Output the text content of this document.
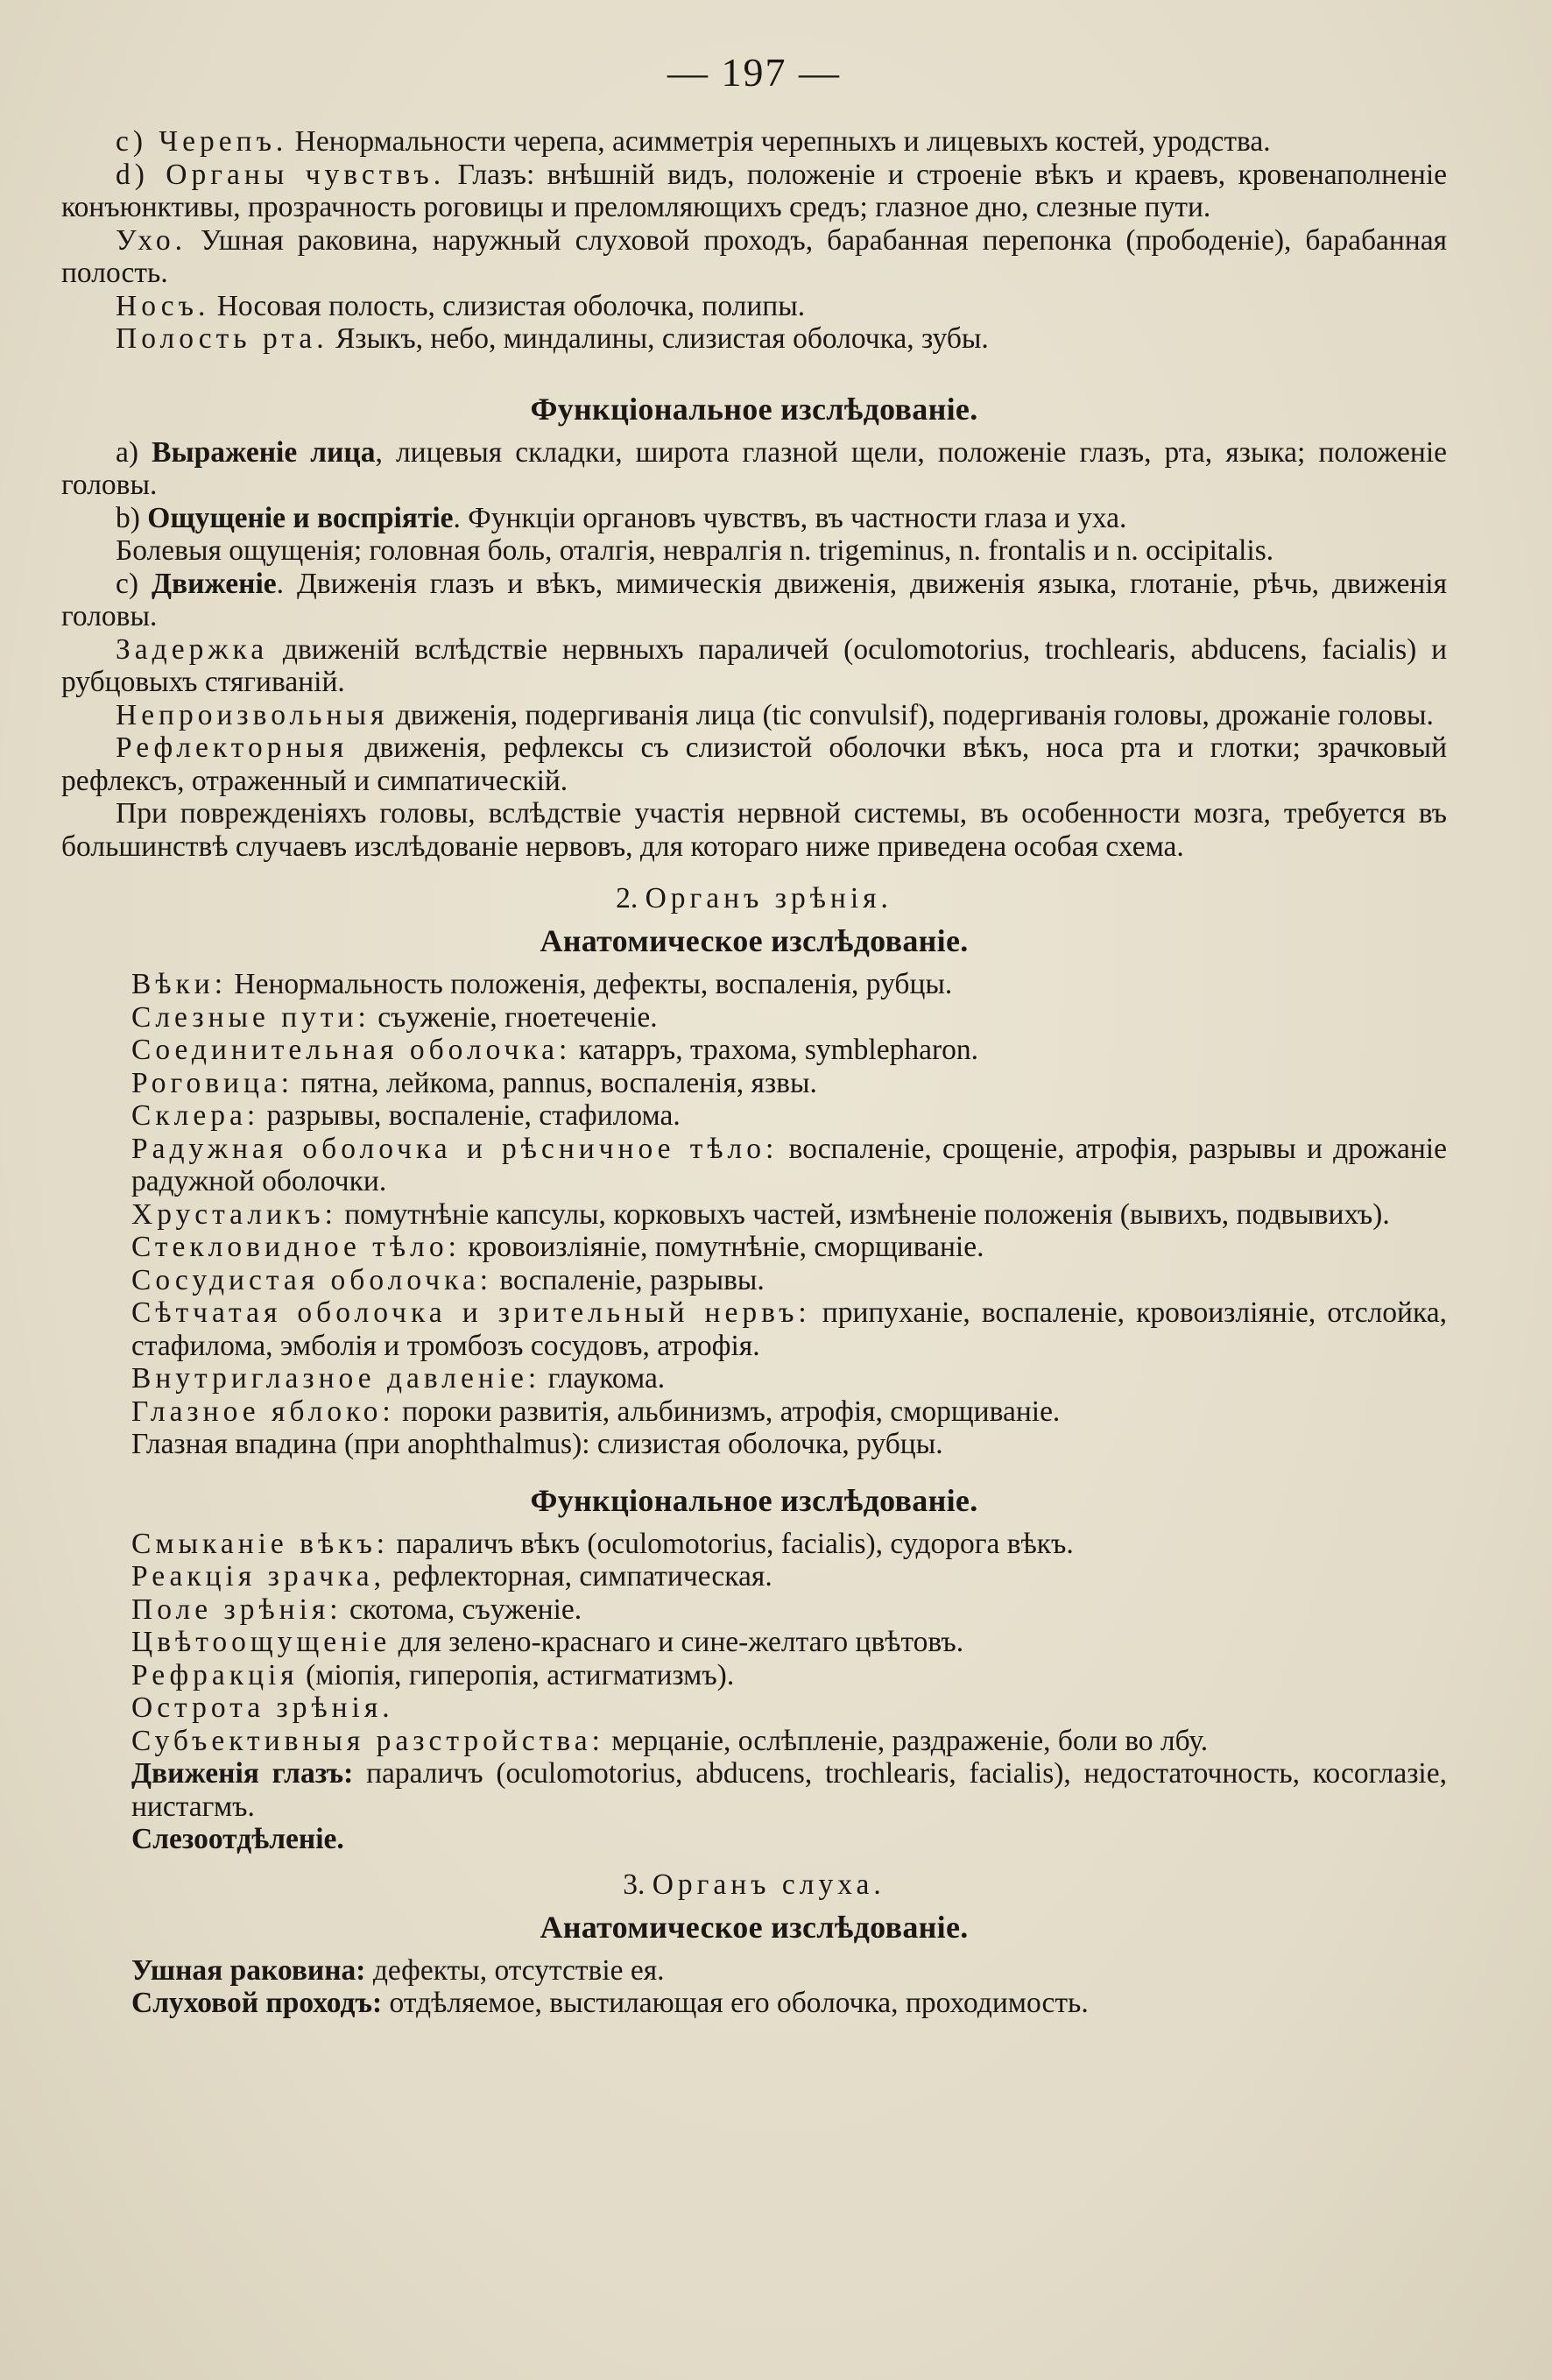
— 197 —

с) Черепъ. Ненормальности черепа, асимметрія черепныхъ и лицевыхъ костей, уродства.

d) Органы чувствъ. Глазъ: внѣшній видъ, положеніе и строеніе вѣкъ и краевъ, кровенаполненіе конъюнктивы, прозрачность роговицы и преломляющихъ средъ; глазное дно, слезные пути.

Ухо. Ушная раковина, наружный слуховой проходъ, барабанная перепонка (прободеніе), барабанная полость.

Носъ. Носовая полость, слизистая оболочка, полипы.

Полость рта. Языкъ, небо, миндалины, слизистая оболочка, зубы.

Функціональное изслѣдованіе.

а) Выраженіе лица, лицевыя складки, широта глазной щели, положеніе глазъ, рта, языка; положеніе головы.

b) Ощущеніе и воспріятіе. Функціи органовъ чувствъ, въ частности глаза и уха.

Болевыя ощущенія; головная боль, оталгія, невралгія n. trigeminus, n. frontalis и n. occipitalis.

с) Движеніе. Движенія глазъ и вѣкъ, мимическія движенія, движенія языка, глотаніе, рѣчь, движенія головы.

Задержка движеній вслѣдствіе нервныхъ параличей (oculomotorius, trochlearis, abducens, facialis) и рубцовыхъ стягиваній.

Непроизвольныя движенія, подергиванія лица (tic convulsif), подергиванія головы, дрожаніе головы.

Рефлекторныя движенія, рефлексы съ слизистой оболочки вѣкъ, носа рта и глотки; зрачковый рефлексъ, отраженный и симпатическій.

При поврежденіяхъ головы, вслѣдствіе участія нервной системы, въ особенности мозга, требуется въ большинствѣ случаевъ изслѣдованіе нервовъ, для котораго ниже приведена особая схема.

2. Органъ зрѣнія.
Анатомическое изслѣдованіе.

Вѣки: Ненормальность положенія, дефекты, воспаленія, рубцы.

Слезные пути: съуженіе, гноетеченіе.

Соединительная оболочка: катарръ, трахома, symblepharon.

Роговица: пятна, лейкома, pannus, воспаленія, язвы.

Склера: разрывы, воспаленіе, стафилома.

Радужная оболочка и рѣсничное тѣло: воспаленіе, срощеніе, атрофія, разрывы и дрожаніе радужной оболочки.

Хрусталикъ: помутнѣніе капсулы, корковыхъ частей, измѣненіе положенія (вывихъ, подвывихъ).

Стекловидное тѣло: кровоизліяніе, помутнѣніе, сморщиваніе.

Сосудистая оболочка: воспаленіе, разрывы.

Сѣтчатая оболочка и зрительный нервъ: припуханіе, воспаленіе, кровоизліяніе, отслойка, стафилома, эмболія и тромбозъ сосудовъ, атрофія.

Внутриглазное давленіе: глаукома.

Глазное яблоко: пороки развитія, альбинизмъ, атрофія, сморщиваніе.

Глазная впадина (при anophthalmus): слизистая оболочка, рубцы.

Функціональное изслѣдованіе.

Смыканіе вѣкъ: параличъ вѣкъ (oculomotorius, facialis), судорога вѣкъ.

Реакція зрачка, рефлекторная, симпатическая.

Поле зрѣнія: скотома, съуженіе.

Цвѣтоощущеніе для зелено-краснаго и сине-желтаго цвѣтовъ.

Рефракція (міопія, гиперопія, астигматизмъ).

Острота зрѣнія.

Субъективныя разстройства: мерцаніе, ослѣпленіе, раздраженіе, боли во лбу.

Движенія глазъ: параличъ (oculomotorius, abducens, trochlearis, facialis), недостаточность, косоглазіе, нистагмъ.

Слезоотдѣленіе.

3. Органъ слуха.
Анатомическое изслѣдованіе.

Ушная раковина: дефекты, отсутствіе ея.

Слуховой проходъ: отдѣляемое, выстилающая его оболочка, проходимость.
